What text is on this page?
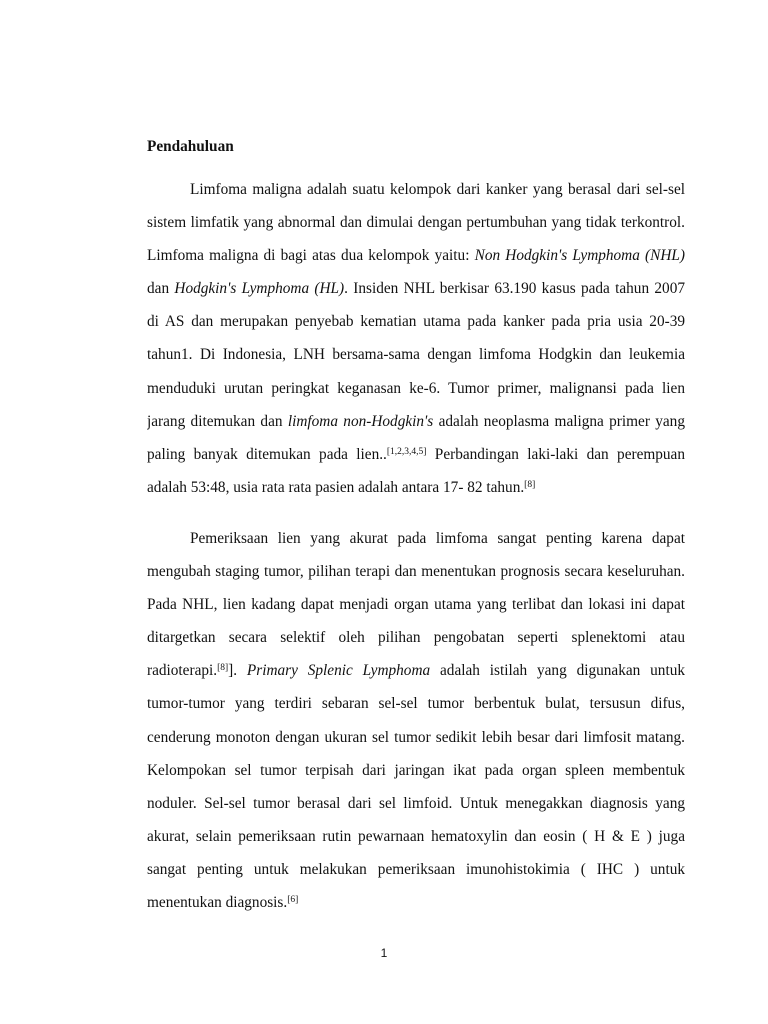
Pendahuluan
Limfoma maligna adalah suatu kelompok dari kanker yang berasal dari sel-sel
sistem limfatik yang abnormal dan dimulai dengan pertumbuhan yang tidak terkontrol.
Limfoma maligna di bagi atas dua kelompok yaitu: Non Hodgkin's Lymphoma (NHL)
dan Hodgkin's Lymphoma (HL). Insiden NHL berkisar 63.190 kasus pada tahun 2007
di AS dan merupakan penyebab kematian utama pada kanker pada pria usia 20-39
tahun1. Di Indonesia, LNH bersama-sama dengan limfoma Hodgkin dan leukemia
menduduki urutan peringkat keganasan ke-6. Tumor primer, malignansi pada lien
jarang ditemukan dan limfoma non-Hodgkin's adalah neoplasma maligna primer yang
paling banyak ditemukan pada lien..[1,2,3,4,5] Perbandingan laki-laki dan perempuan
adalah 53:48, usia rata rata pasien adalah antara 17- 82 tahun.[8]
Pemeriksaan lien yang akurat pada limfoma sangat penting karena dapat
mengubah staging tumor, pilihan terapi dan menentukan prognosis secara keseluruhan.
Pada NHL, lien kadang dapat menjadi organ utama yang terlibat dan lokasi ini dapat
ditargetkan secara selektif oleh pilihan pengobatan seperti splenektomi atau
radioterapi.[8]]. Primary Splenic Lymphoma adalah istilah yang digunakan untuk
tumor-tumor yang terdiri sebaran sel-sel tumor berbentuk bulat, tersusun difus,
cenderung monoton dengan ukuran sel tumor sedikit lebih besar dari limfosit matang.
Kelompokan sel tumor terpisah dari jaringan ikat pada organ spleen membentuk
noduler. Sel-sel tumor berasal dari sel limfoid. Untuk menegakkan diagnosis yang
akurat, selain pemeriksaan rutin pewarnaan hematoxylin dan eosin ( H & E ) juga
sangat penting untuk melakukan pemeriksaan imunohistokimia ( IHC ) untuk
menentukan diagnosis.[6]
1
